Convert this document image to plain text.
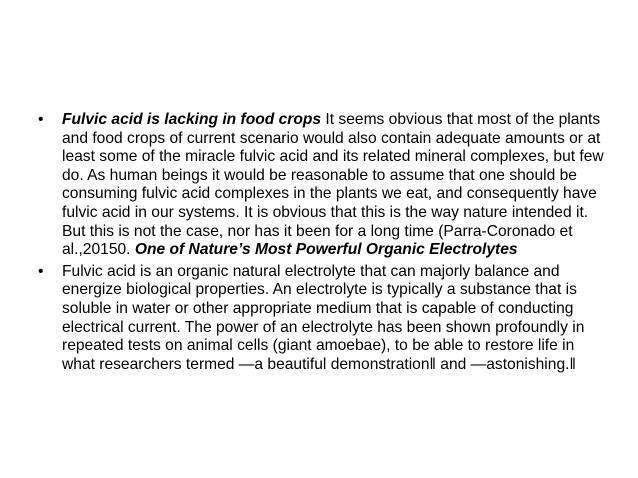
• Fulvic acid is lacking in food crops It seems obvious that most of the plants and food crops of current scenario would also contain adequate amounts or at least some of the miracle fulvic acid and its related mineral complexes, but few do. As human beings it would be reasonable to assume that one should be consuming fulvic acid complexes in the plants we eat, and consequently have fulvic acid in our systems. It is obvious that this is the way nature intended it. But this is not the case, nor has it been for a long time (Parra-Coronado et al.,20150. One of Nature’s Most Powerful Organic Electrolytes
• Fulvic acid is an organic natural electrolyte that can majorly balance and energize biological properties. An electrolyte is typically a substance that is soluble in water or other appropriate medium that is capable of conducting electrical current. The power of an electrolyte has been shown profoundly in repeated tests on animal cells (giant amoebae), to be able to restore life in what researchers termed —a beautiful demonstration‖ and —astonishing.‖
